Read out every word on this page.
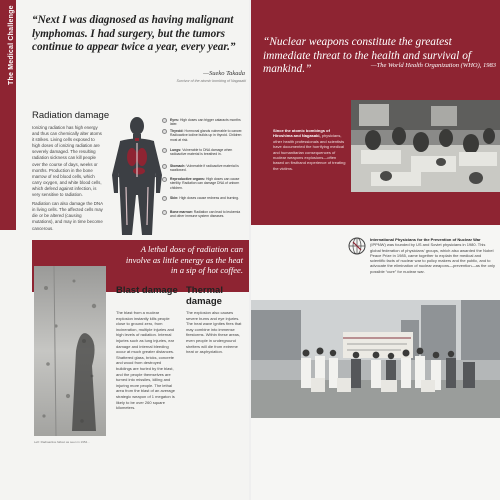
The Medical Challenge “Next I was diagnosed as having malignant lymphomas. I had surgery, but the tumors continue to appear twice a year, every year.”
—Sueko Takada
Survivor of the atomic bombing of Nagasaki
Radiation damage

Ionizing radiation has high energy and thus can chemically alter atoms it strikes. Living cells exposed to high doses of ionizing radiation are severely damaged. The resulting radiation sickness can kill people over the course of days, weeks or months. Production in the bone marrow of red blood cells, which carry oxygen, and white blood cells, which defend against infection, is very sensitive to radiation.

Radiation can also damage the DNA in living cells. The affected cells may die or be altered (causing mutations), and may in time become cancerous.

Eyes: High doses can trigger cataracts months later.
Thyroid: Hormonal glands vulnerable to cancer. Radioactive iodine builds up in thyroid. Children most at risk.
Lungs: Vulnerable to DNA damage when radioactive material is breathed in.
Stomach: Vulnerable if radioactive material is swallowed.
Reproductive organs: High doses can cause sterility. Radiation can damage DNA of unborn children.
Skin: High doses cause redness and burning.
Bone marrow: Radiation can lead to leukemia and other immune system diseases.
A lethal dose of radiation can involve as little energy as the heat in a sip of hot coffee.
Left: Radioactive fallout as seen in 1954...
Blast damage
The blast from a nuclear explosion instantly kills people close to ground zero, from incineration, multiple injuries and high levels of radiation. Internal injuries such as lung injuries, ear damage and internal bleeding occur at much greater distances. Shattered glass, bricks, concrete and wood from destroyed buildings are hurled by the blast, and the people themselves are turned into missiles, killing and injuring more people. The lethal area from the blast of an average strategic weapon of 1 megaton is likely to be over 260 square kilometers.
Thermal damage
The explosion also causes severe burns and eye injuries. The heat wave ignites fires that may combine into immense firestorms. Within these areas, even people in underground shelters will die from extreme heat or asphyxiation.
“Nuclear weapons constitute the greatest immediate threat to the health and survival of mankind.”	—The World Health Organization (WHO), 1983
Since the atomic bombings of Hiroshima and Nagasaki, physicians, other health professionals and scientists have documented the horrifying medical and humanitarian consequences of nuclear weapons explosions—often based on firsthand experience of treating the victims.
International Physicians for the Prevention of Nuclear War (IPPNW) was founded by US and Soviet physicians in 1980. This global federation of physicians' groups, which also awarded the Nobel Peace Prize in 1985, came together to explain the medical and scientific facts of nuclear war to policy makers and the public, and to advocate the elimination of nuclear weapons—prevention—as the only possible “cure” for nuclear war.
